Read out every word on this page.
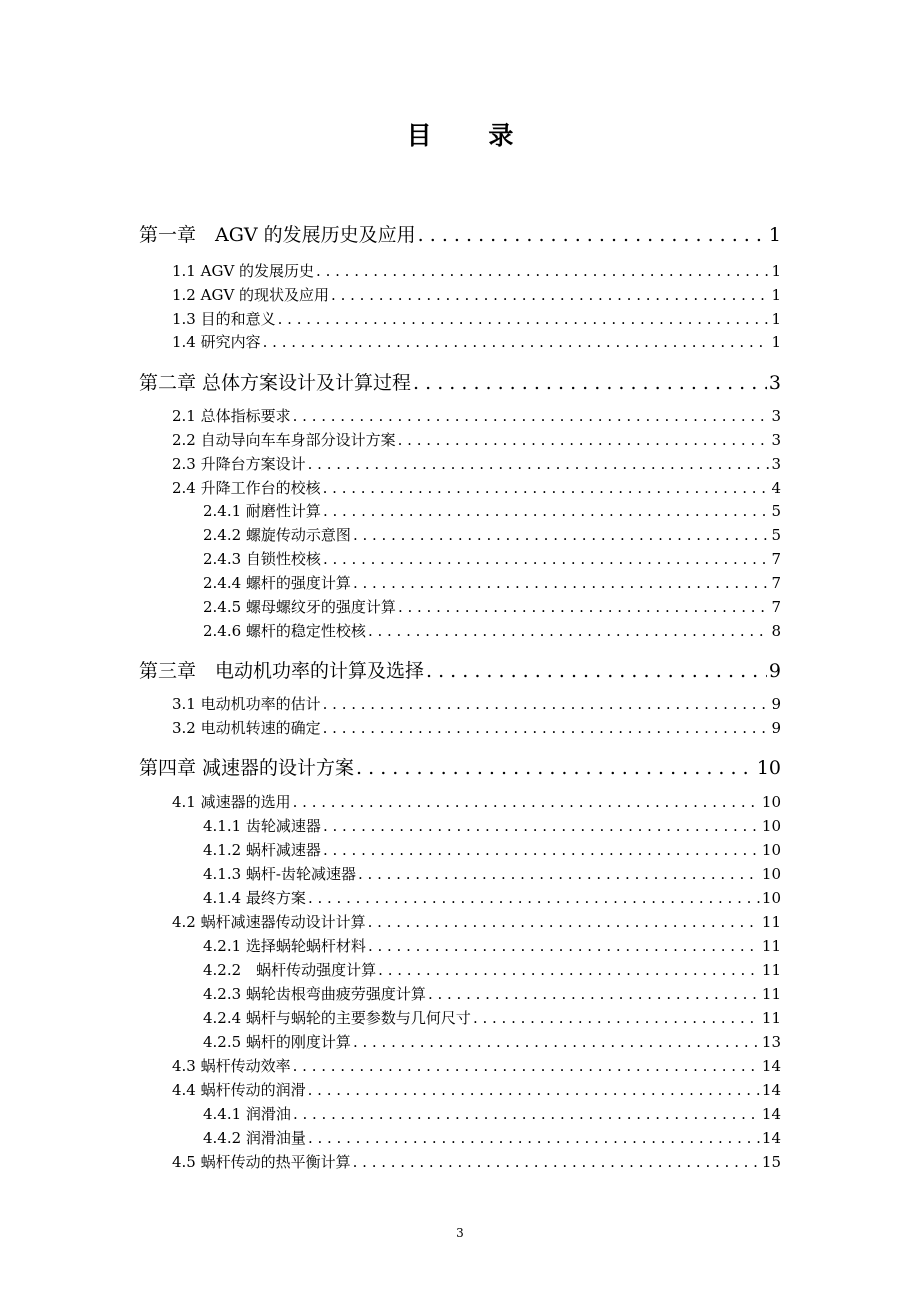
目 录
第一章　AGV 的发展历史及应用 . . .	1
1.1 AGV 的发展历史 . . .	1
1.2 AGV 的现状及应用 . . .	1
1.3 目的和意义 . . .	1
1.4 研究内容 . . .	1
第二章 总体方案设计及计算过程 . . .	3
2.1 总体指标要求 . . .	3
2.2 自动导向车车身部分设计方案 . . .	3
2.3 升降台方案设计 . . .	3
2.4 升降工作台的校核 . . .	4
2.4.1 耐磨性计算 . . .	5
2.4.2 螺旋传动示意图 . . .	5
2.4.3 自锁性校核 . . .	7
2.4.4 螺杆的强度计算 . . .	7
2.4.5 螺母螺纹牙的强度计算 . . .	7
2.4.6 螺杆的稳定性校核 . . .	8
第三章　电动机功率的计算及选择 . . .	9
3.1 电动机功率的估计 . . .	9
3.2 电动机转速的确定 . . .	9
第四章 减速器的设计方案 . . .	10
4.1 减速器的选用 . . .	10
4.1.1 齿轮减速器 . . .	10
4.1.2 蜗杆减速器 . . .	10
4.1.3 蜗杆-齿轮减速器 . . .	10
4.1.4 最终方案 . . .	10
4.2 蜗杆减速器传动设计计算 . . .	11
4.2.1 选择蜗轮蜗杆材料 . . .	11
4.2.2　蜗杆传动强度计算 . . .	11
4.2.3 蜗轮齿根弯曲疲劳强度计算 . . .	11
4.2.4 蜗杆与蜗轮的主要参数与几何尺寸 . . .	11
4.2.5 蜗杆的刚度计算 . . .	13
4.3 蜗杆传动效率 . . .	14
4.4 蜗杆传动的润滑 . . .	14
4.4.1 润滑油 . . .	14
4.4.2 润滑油量 . . .	14
4.5 蜗杆传动的热平衡计算 . . .	15
3
